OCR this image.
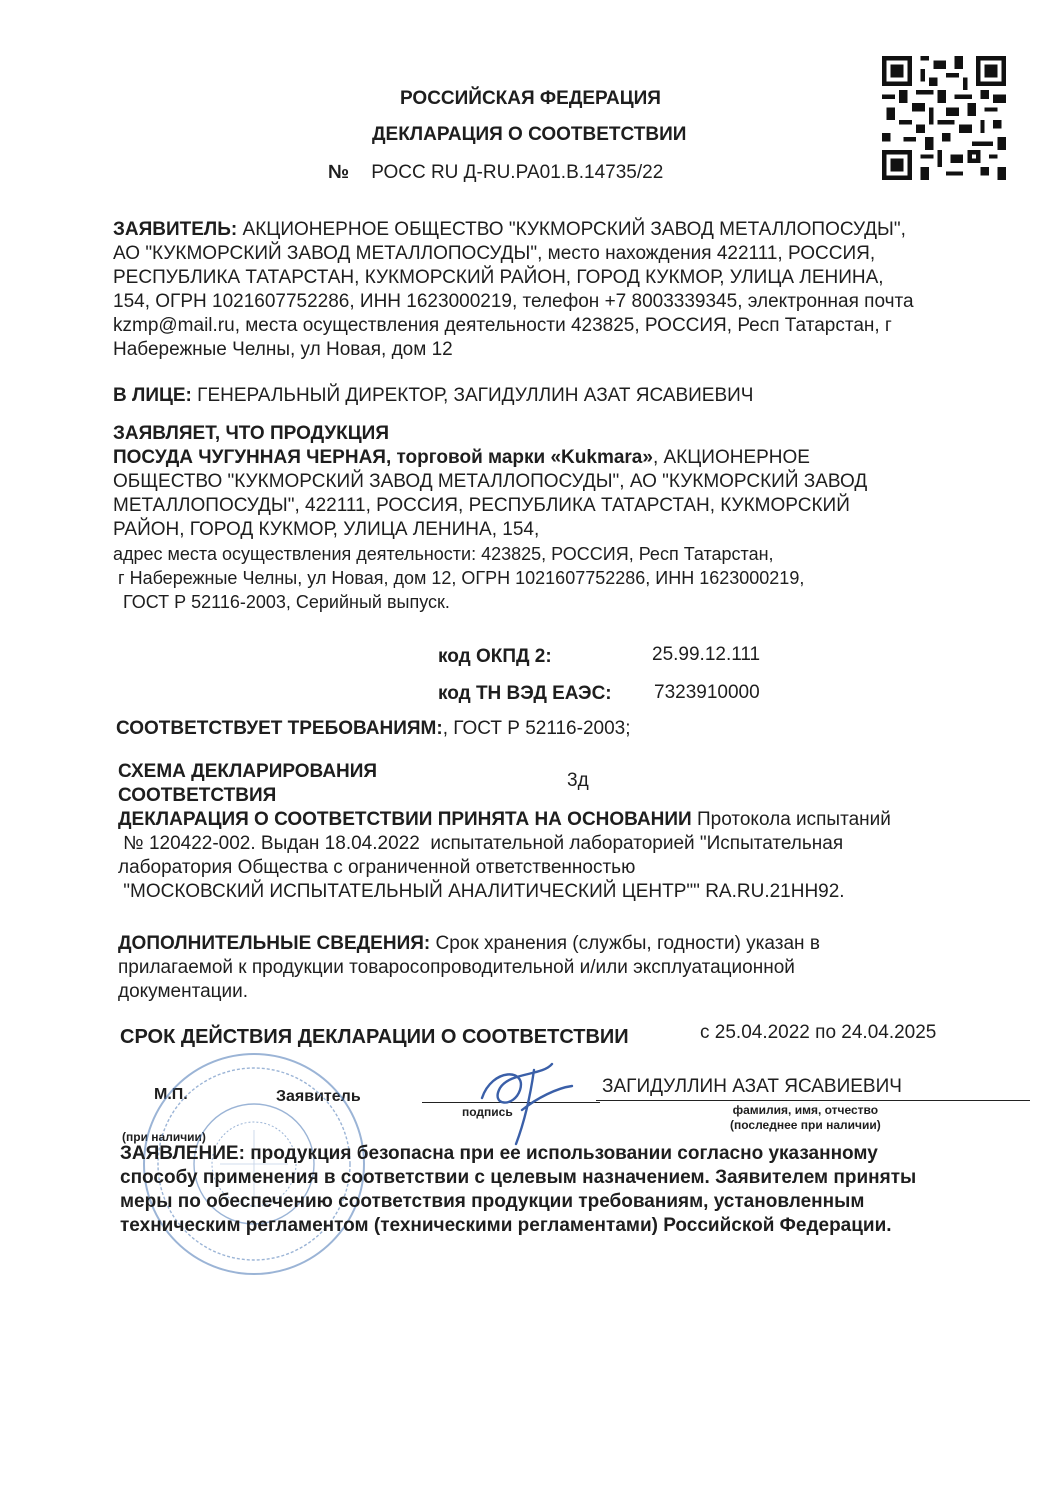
РОССИЙСКАЯ ФЕДЕРАЦИЯ
ДЕКЛАРАЦИЯ О СООТВЕТСТВИИ
№ РОСС RU Д-RU.РА01.В.14735/22
ЗАЯВИТЕЛЬ: АКЦИОНЕРНОЕ ОБЩЕСТВО "КУКМОРСКИЙ ЗАВОД МЕТАЛЛОПОСУДЫ",
АО "КУКМОРСКИЙ ЗАВОД МЕТАЛЛОПОСУДЫ", место нахождения 422111, РОССИЯ,
РЕСПУБЛИКА ТАТАРСТАН, КУКМОРСКИЙ РАЙОН, ГОРОД КУКМОР, УЛИЦА ЛЕНИНА,
154, ОГРН 1021607752286, ИНН 1623000219, телефон +7 8003339345, электронная почта
kzmp@mail.ru, места осуществления деятельности 423825, РОССИЯ, Респ Татарстан, г
Набережные Челны, ул Новая, дом 12
В ЛИЦЕ: ГЕНЕРАЛЬНЫЙ ДИРЕКТОР, ЗАГИДУЛЛИН АЗАТ ЯСАВИЕВИЧ
ЗАЯВЛЯЕТ, ЧТО ПРОДУКЦИЯ
ПОСУДА ЧУГУННАЯ ЧЕРНАЯ, торговой марки «Kukmara», АКЦИОНЕРНОЕ
ОБЩЕСТВО "КУКМОРСКИЙ ЗАВОД МЕТАЛЛОПОСУДЫ", АО "КУКМОРСКИЙ ЗАВОД
МЕТАЛЛОПОСУДЫ", 422111, РОССИЯ, РЕСПУБЛИКА ТАТАРСТАН, КУКМОРСКИЙ
РАЙОН, ГОРОД КУКМОР, УЛИЦА ЛЕНИНА, 154,
адрес места осуществления деятельности: 423825, РОССИЯ, Респ Татарстан,
г Набережные Челны, ул Новая, дом 12, ОГРН 1021607752286, ИНН 1623000219,
ГОСТ Р 52116-2003, Серийный выпуск.
код ОКПД 2:	25.99.12.111
код ТН ВЭД ЕАЭС: 7323910000
СООТВЕТСТВУЕТ ТРЕБОВАНИЯМ:, ГОСТ Р 52116-2003;
СХЕМА ДЕКЛАРИРОВАНИЯ
СООТВЕТСТВИЯ
3д
ДЕКЛАРАЦИЯ О СООТВЕТСТВИИ ПРИНЯТА НА ОСНОВАНИИ Протокола испытаний
№ 120422-002. Выдан 18.04.2022  испытательной лабораторией "Испытательная
лаборатория Общества с ограниченной ответственностью
"МОСКОВСКИЙ ИСПЫТАТЕЛЬНЫЙ АНАЛИТИЧЕСКИЙ ЦЕНТР"" RA.RU.21НН92.
ДОПОЛНИТЕЛЬНЫЕ СВЕДЕНИЯ: Срок хранения (службы, годности) указан в
прилагаемой к продукции товаросопроводительной и/или эксплуатационной
документации.
СРОК ДЕЙСТВИЯ ДЕКЛАРАЦИИ О СООТВЕТСТВИИ	с 25.04.2022 по 24.04.2025
М.П.	Заявитель
подпись
ЗАГИДУЛЛИН АЗАТ ЯСАВИЕВИЧ
фамилия, имя, отчество
(последнее при наличии)
(при наличии)
ЗАЯВЛЕНИЕ: продукция безопасна при ее использовании согласно указанному
способу применения в соответствии с целевым назначением. Заявителем приняты
меры по обеспечению соответствия продукции требованиям, установленным
техническим регламентом (техническими регламентами) Российской Федерации.
